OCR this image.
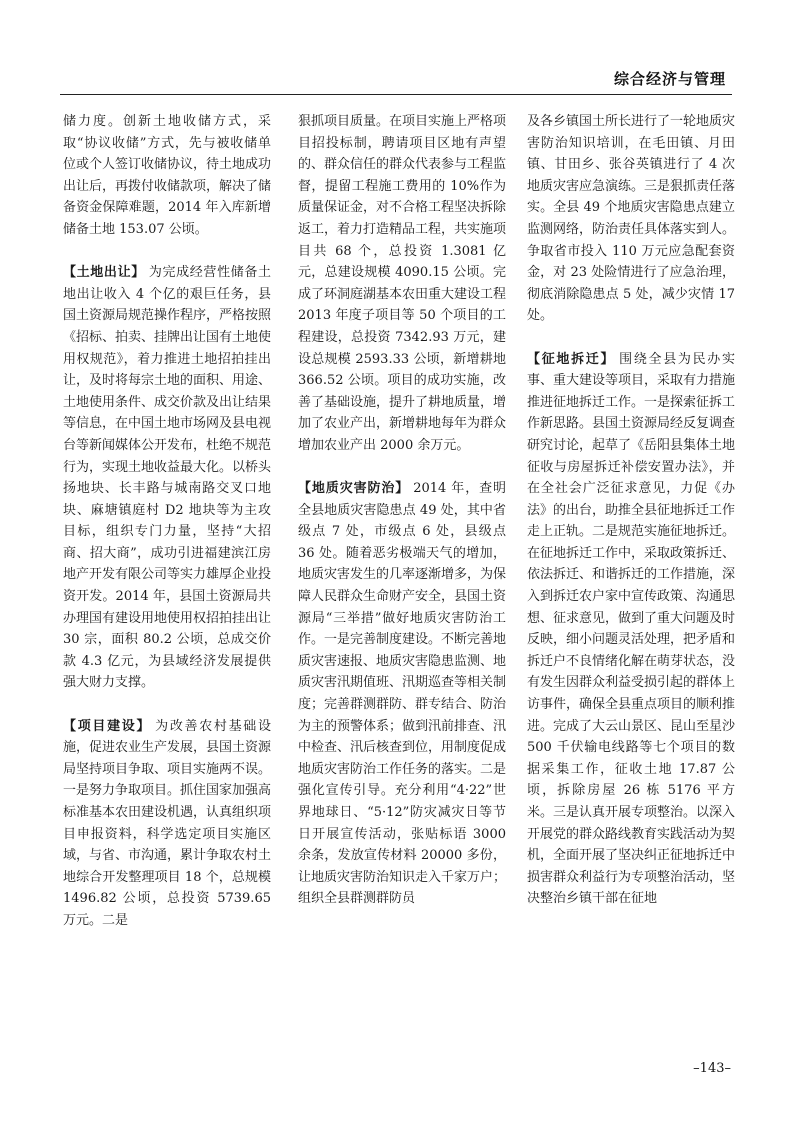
综合经济与管理

储力度。创新土地收储方式，采取“协议收储”方式，先与被收储单位或个人签订收储协议，待土地成功出让后，再拨付收储款项，解决了储备资金保障难题，2014 年入库新增储备土地 153.07 公顷。

【土地出让】 为完成经营性储备土地出让收入 4 个亿的艰巨任务，县国土资源局规范操作程序，严格按照《招标、拍卖、挂牌出让国有土地使用权规范》，着力推进土地招拍挂出让，及时将每宗土地的面积、用途、土地使用条件、成交价款及出让结果等信息，在中国土地市场网及县电视台等新闻媒体公开发布，杜绝不规范行为，实现土地收益最大化。以桥头扬地块、长丰路与城南路交叉口地块、麻塘镇庭村 D2 地块等为主攻目标，组织专门力量，坚持“大招商、招大商”，成功引进福建滨江房地产开发有限公司等实力雄厚企业投资开发。2014 年，县国土资源局共办理国有建设用地使用权招拍挂出让 30 宗，面积 80.2 公顷，总成交价款 4.3 亿元，为县域经济发展提供强大财力支撑。

【项目建设】 为改善农村基础设施，促进农业生产发展，县国土资源局坚持项目争取、项目实施两不误。一是努力争取项目。抓住国家加强高标准基本农田建设机遇，认真组织项目申报资料，科学选定项目实施区域，与省、市沟通，累计争取农村土地综合开发整理项目 18 个，总规模 1496.82 公顷，总投资 5739.65 万元。二是

狠抓项目质量。在项目实施上严格项目招投标制，聘请项目区地有声望的、群众信任的群众代表参与工程监督，提留工程施工费用的 10%作为质量保证金，对不合格工程坚决拆除返工，着力打造精品工程，共实施项目共 68 个，总投资 1.3081 亿元，总建设规模 4090.15 公顷。完成了环洞庭湖基本农田重大建设工程 2013 年度子项目等 50 个项目的工程建设，总投资 7342.93 万元，建设总规模 2593.33 公顷，新增耕地 366.52 公顷。项目的成功实施，改善了基础设施，提升了耕地质量，增加了农业产出，新增耕地每年为群众增加农业产出 2000 余万元。

【地质灾害防治】 2014 年，查明全县地质灾害隐患点 49 处，其中省级点 7 处，市级点 6 处，县级点 36 处。随着恶劣极端天气的增加，地质灾害发生的几率逐渐增多，为保障人民群众生命财产安全，县国土资源局“三举措”做好地质灾害防治工作。一是完善制度建设。不断完善地质灾害速报、地质灾害隐患监测、地质灾害汛期值班、汛期巡查等相关制度；完善群测群防、群专结合、防治为主的预警体系；做到汛前排查、汛中检查、汛后核查到位，用制度促成地质灾害防治工作任务的落实。二是强化宣传引导。充分利用“4·22”世界地球日、“5·12”防灾减灾日等节日开展宣传活动，张贴标语 3000 余条，发放宣传材料 20000 多份，让地质灾害防治知识走入千家万户；组织全县群测群防员

及各乡镇国土所长进行了一轮地质灾害防治知识培训，在毛田镇、月田镇、甘田乡、张谷英镇进行了 4 次地质灾害应急演练。三是狠抓责任落实。全县 49 个地质灾害隐患点建立监测网络，防治责任具体落实到人。争取省市投入 110 万元应急配套资金，对 23 处险情进行了应急治理，彻底消除隐患点 5 处，减少灾情 17 处。

【征地拆迁】 围绕全县为民办实事、重大建设等项目，采取有力措施推进征地拆迁工作。一是探索征拆工作新思路。县国土资源局经反复调查研究讨论，起草了《岳阳县集体土地征收与房屋拆迁补偿安置办法》，并在全社会广泛征求意见，力促《办法》的出台，助推全县征地拆迁工作走上正轨。二是规范实施征地拆迁。在征地拆迁工作中，采取政策拆迁、依法拆迁、和谐拆迁的工作措施，深入到拆迁农户家中宣传政策、沟通思想、征求意见，做到了重大问题及时反映，细小问题灵活处理，把矛盾和拆迁户不良情绪化解在萌芽状态，没有发生因群众利益受损引起的群体上访事件，确保全县重点项目的顺利推进。完成了大云山景区、昆山至星沙 500 千伏输电线路等七个项目的数据采集工作，征收土地 17.87 公顷，拆除房屋 26 栋 5176 平方米。三是认真开展专项整治。以深入开展党的群众路线教育实践活动为契机，全面开展了坚决纠正征地拆迁中损害群众利益行为专项整治活动，坚决整治乡镇干部在征地

–143–
